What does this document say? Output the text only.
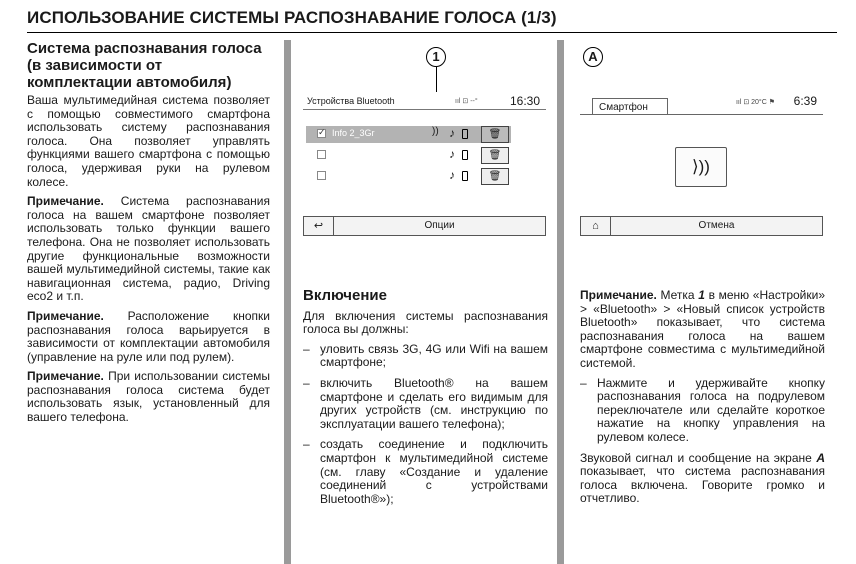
ИСПОЛЬЗОВАНИЕ СИСТЕМЫ РАСПОЗНАВАНИЕ ГОЛОСА (1/3)
Система распознавания голоса (в зависимости от комплектации автомобиля)

Ваша мультимедийная система позволяет с помощью совместимого смартфона использовать систему распознавания голоса. Она позволяет управлять функциями вашего смартфона с помощью голоса, удерживая руки на рулевом колесе.

Примечание. Система распознавания голоса на вашем смартфоне позволяет использовать только функции вашего телефона. Она не позволяет использовать другие функциональные возможности вашей мультимедийной системы, такие как навигационная система, радио, Driving eco2 и т.п.

Примечание. Расположение кнопки распознавания голоса варьируется в зависимости от комплектации автомобиля (управление на руле или под рулем).

Примечание. При использовании системы распознавания голоса система будет использовать язык, установленный для вашего телефона.

1
Устройства Bluetooth	ııl ⊡ --°	16:30
✓
Info 2_3Gr	)) ♪	🗑
♪	🗑
♪	🗑
↩	Опции
A
Смартфон	ııl ⊡ 20°C ⚑ 6:39
⟩))
⌂	Отмена
Включение

Для включения системы распознавания голоса вы должны:

– уловить связь 3G, 4G или Wifi на вашем смартфоне;
– включить Bluetooth® на вашем смартфоне и сделать его видимым для других устройств (см. инструкцию по эксплуатации вашего телефона);
– создать соединение и подключить смартфон к мультимедийной системе (см. главу «Создание и удаление соединений с устройствами Bluetooth®»);

Примечание. Метка 1 в меню «Настройки» > «Bluetooth» > «Новый список устройств Bluetooth» показывает, что система распознавания голоса на вашем смартфоне совместима с мультимедийной системой.

– Нажмите и удерживайте кнопку распознавания голоса на подрулевом переключателе или сделайте короткое нажатие на кнопку управления на рулевом колесе.

Звуковой сигнал и сообщение на экране A показывает, что система распознавания голоса включена. Говорите громко и отчетливо.
